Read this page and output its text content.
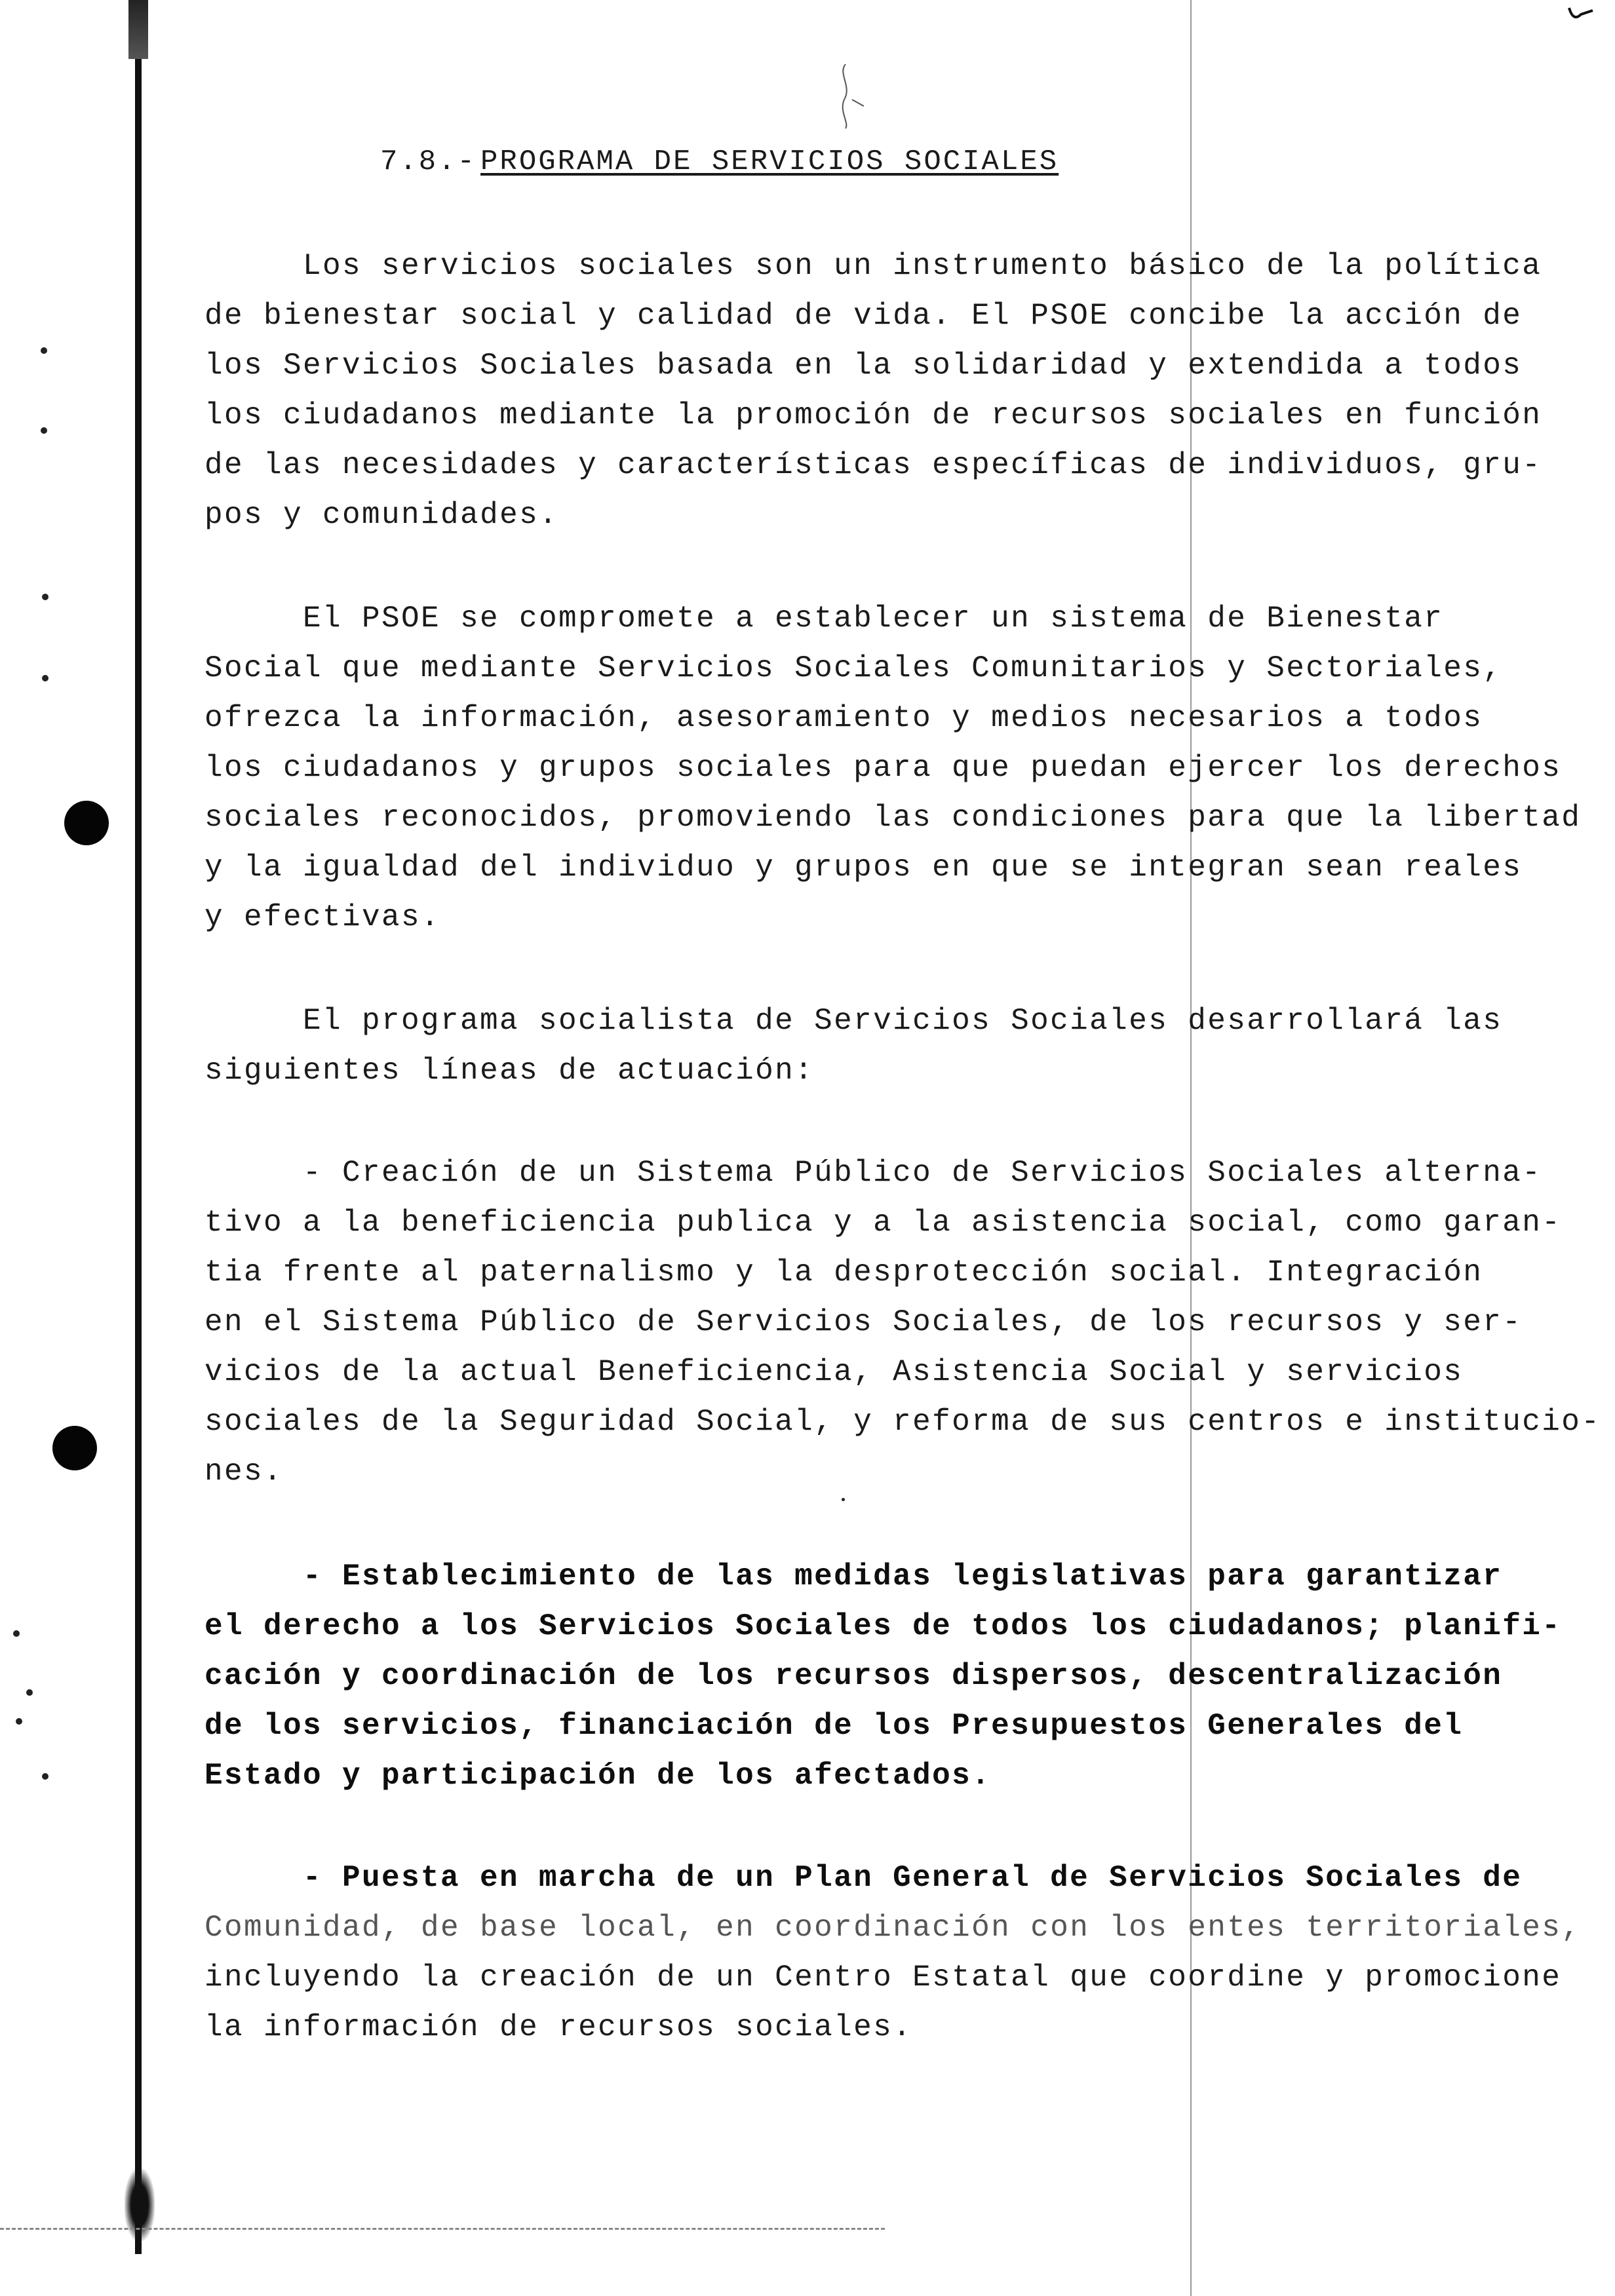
7.8.- PROGRAMA DE SERVICIOS SOCIALES
Los servicios sociales son un instrumento básico de la política
de bienestar social y calidad de vida. El PSOE concibe la acción de
los Servicios Sociales basada en la solidaridad y extendida a todos
los ciudadanos mediante la promoción de recursos sociales en función
de las necesidades y características específicas de individuos, gru-
pos y comunidades.
El PSOE se compromete a establecer un sistema de Bienestar
Social que mediante Servicios Sociales Comunitarios y Sectoriales,
ofrezca la información, asesoramiento y medios necesarios a todos
los ciudadanos y grupos sociales para que puedan ejercer los derechos
sociales reconocidos, promoviendo las condiciones para que la libertad
y la igualdad del individuo y grupos en que se integran sean reales
y efectivas.
El programa socialista de Servicios Sociales desarrollará las
siguientes líneas de actuación:
- Creación de un Sistema Público de Servicios Sociales alterna-
tivo a la beneficiencia publica y a la asistencia social, como garan-
tia frente al paternalismo y la desprotección social. Integración
en el Sistema Público de Servicios Sociales, de los recursos y ser-
vicios de la actual Beneficiencia, Asistencia Social y servicios
sociales de la Seguridad Social, y reforma de sus centros e institucio-
nes.
- Establecimiento de las medidas legislativas para garantizar
el derecho a los Servicios Sociales de todos los ciudadanos; planifi-
cación y coordinación de los recursos dispersos, descentralización
de los servicios, financiación de los Presupuestos Generales del
Estado y participación de los afectados.
- Puesta en marcha de un Plan General de Servicios Sociales de
Comunidad, de base local, en coordinación con los entes territoriales,
incluyendo la creación de un Centro Estatal que coordine y promocione
la información de recursos sociales.
